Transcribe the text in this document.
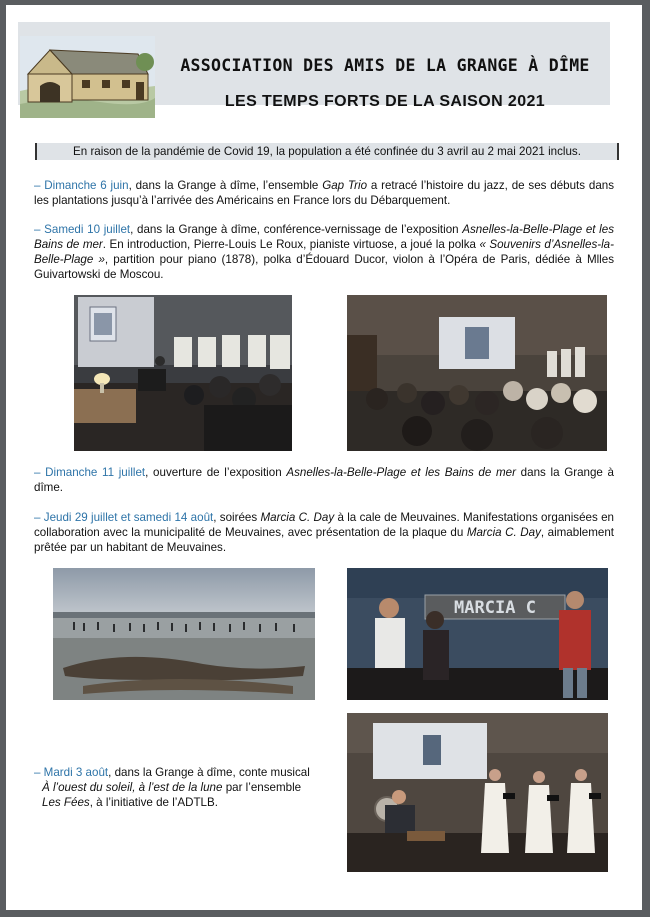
ASSOCIATION DES AMIS DE LA GRANGE À DÎME
LES TEMPS FORTS DE LA SAISON 2021
En raison de la pandémie de Covid 19, la population a été confinée du 3 avril au 2 mai 2021 inclus.
– Dimanche 6 juin, dans la Grange à dîme, l’ensemble Gap Trio a retracé l’histoire du jazz, de ses débuts dans les plantations jusqu’à l’arrivée des Américains en France lors du Débarquement.
– Samedi 10 juillet, dans la Grange à dîme, conférence-vernissage de l’exposition Asnelles-la-Belle-Plage et les Bains de mer. En introduction, Pierre-Louis Le Roux, pianiste virtuose, a joué la polka « Souvenirs d’Asnelles-la-Belle-Plage », partition pour piano (1878), polka d’Édouard Ducor, violon à l’Opéra de Paris, dédiée à Mlles Guivartowski de Moscou.
– Dimanche 11 juillet, ouverture de l’exposition Asnelles-la-Belle-Plage et les Bains de mer dans la Grange à dîme.
– Jeudi 29 juillet et samedi 14 août, soirées Marcia C. Day à la cale de Meuvaines. Manifestations organisées en collaboration avec la municipalité de Meuvaines, avec présentation de la plaque du Marcia C. Day, aimablement prêtée par un habitant de Meuvaines.
MARCIA C
– Mardi 3 août, dans la Grange à dîme, conte musical
À l’ouest du soleil, à l’est de la lune par l’ensemble
Les Fées, à l’initiative de l’ADTLB.
